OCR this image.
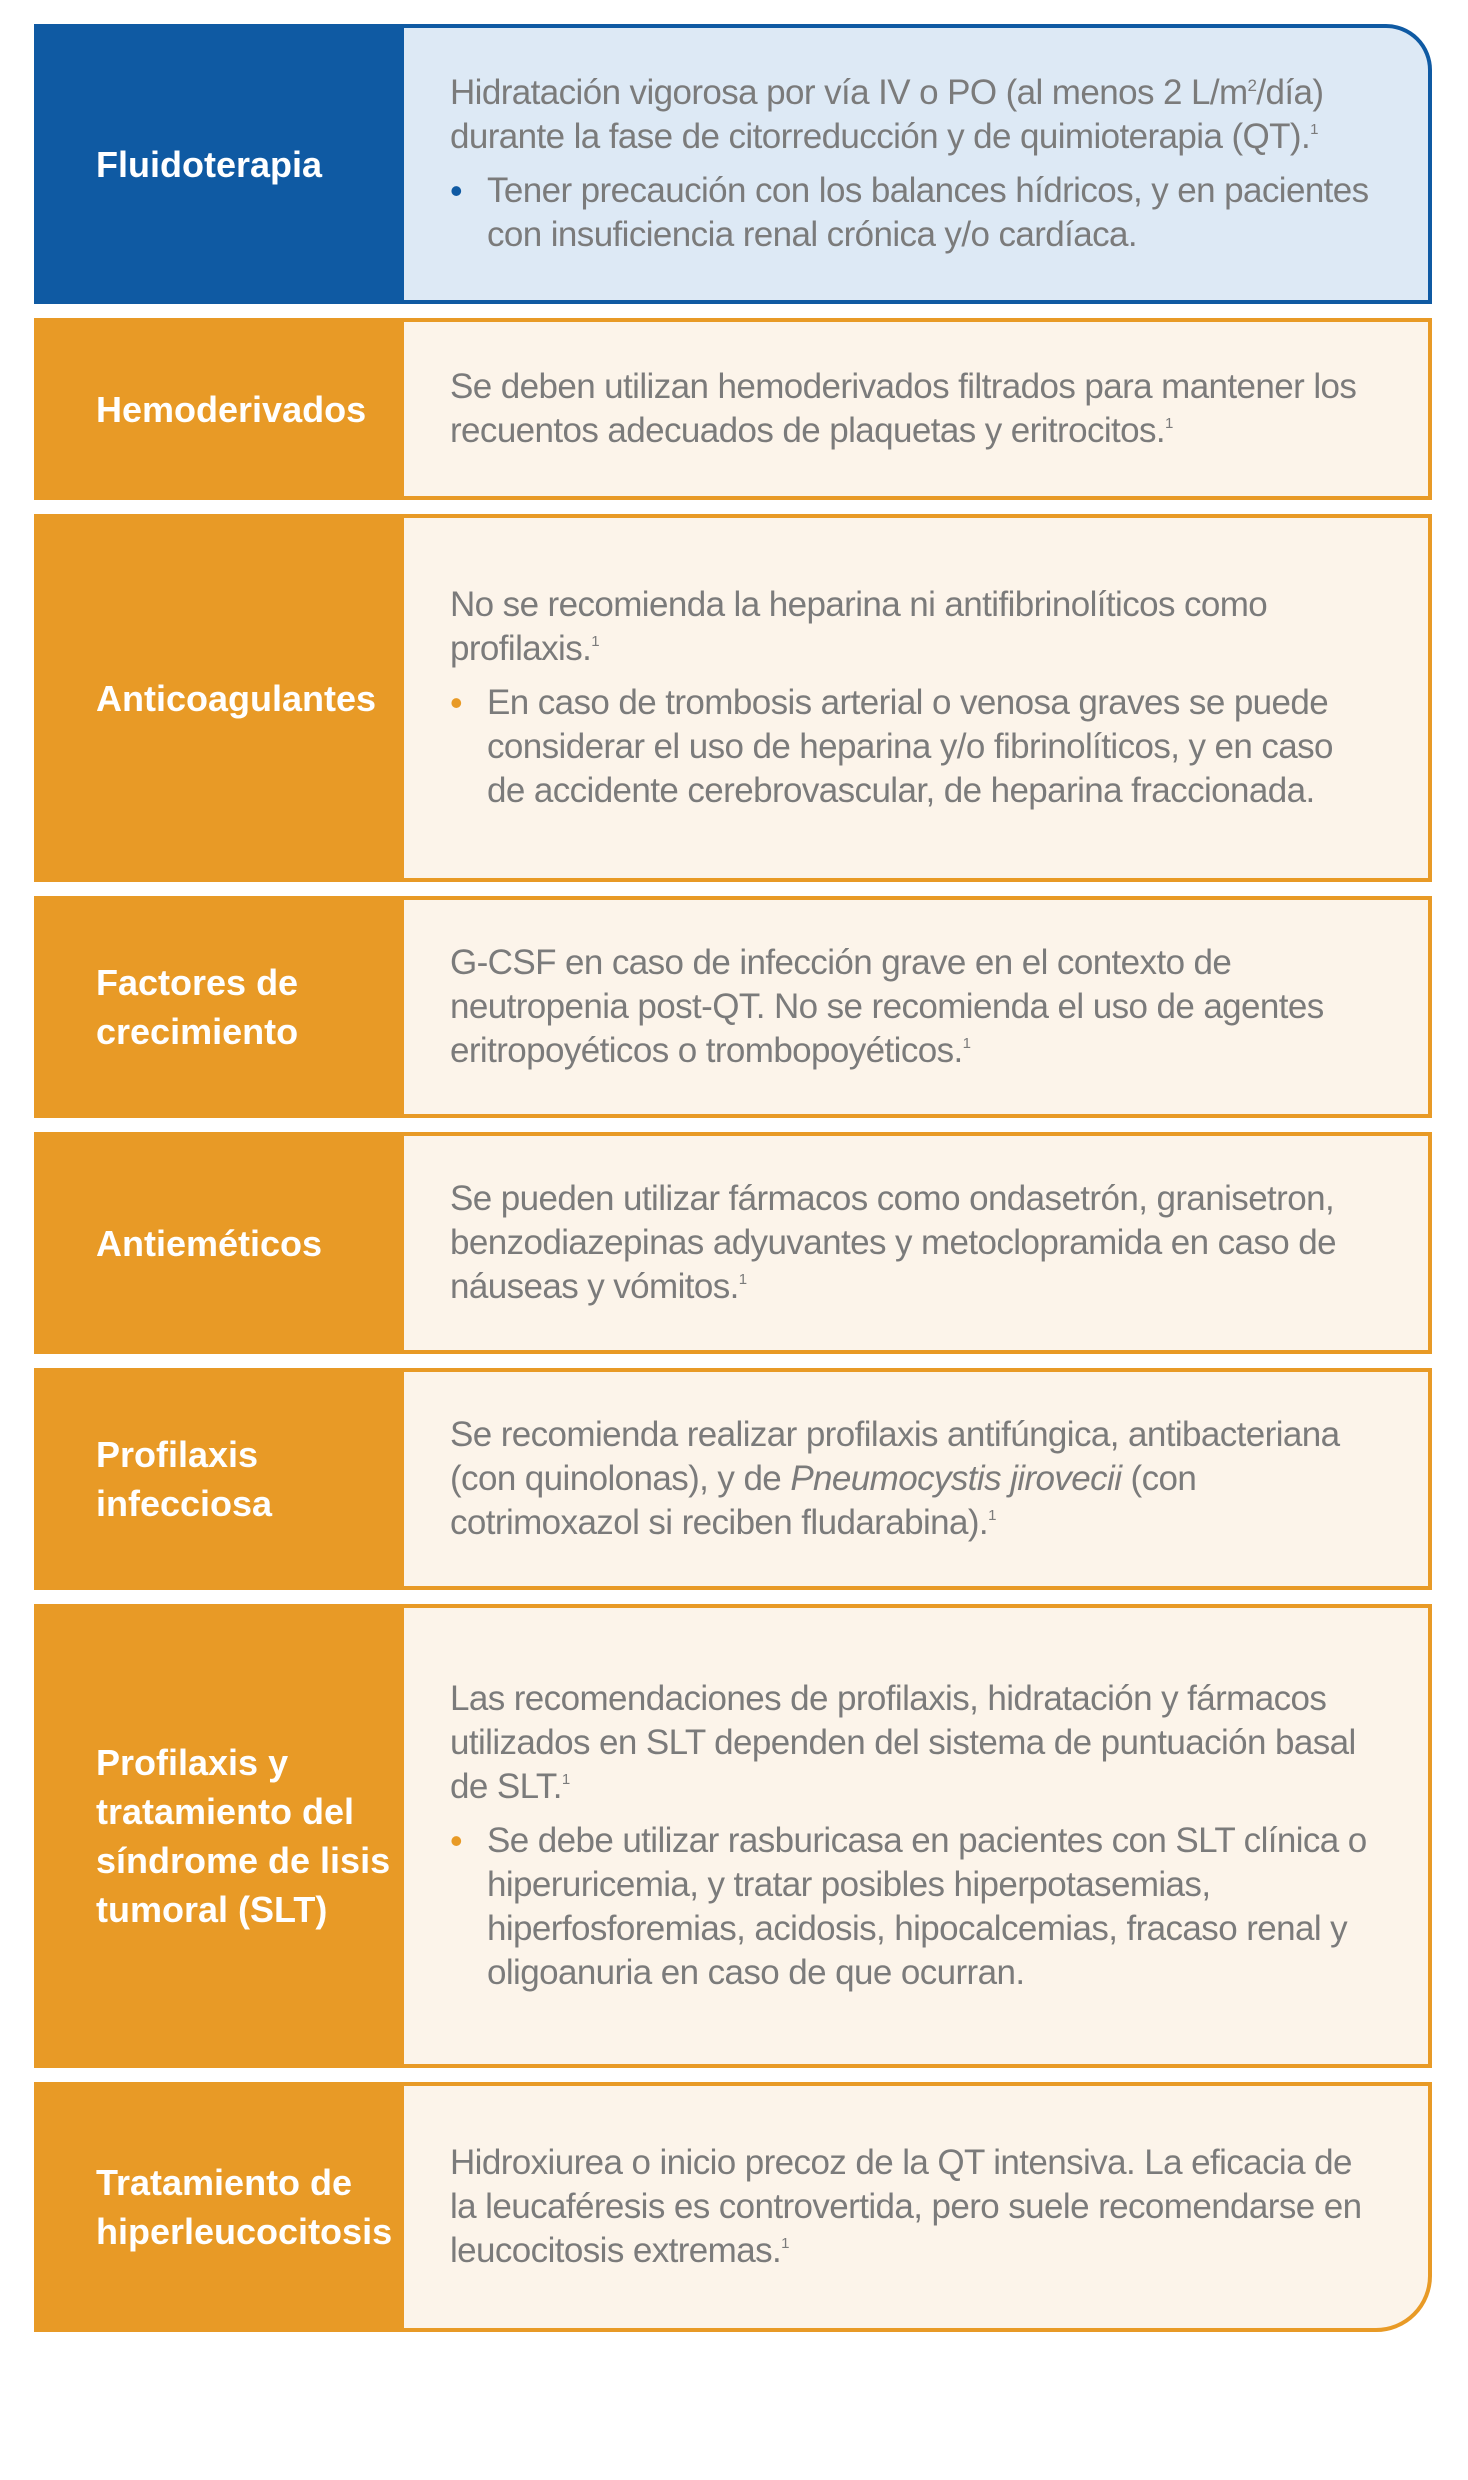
Fluidoterapia

Hidratación vigorosa por vía IV o PO (al menos 2 $L/m^2/día$) durante la fase de citorreducción y de quimioterapia (QT).$^1$

• Tener precaución con los balances hídricos, y en pacientes con insuficiencia renal crónica y/o cardíaca.
Hemoderivados

Se deben utilizan hemoderivados filtrados para mantener los recuentos adecuados de plaquetas y eritrocitos.$^1$

Anticoagulantes

No se recomienda la heparina ni antifibrinolíticos como profilaxis.$^1$

• En caso de trombosis arterial o venosa graves se puede considerar el uso de heparina y/o fibrinolíticos, y en caso de accidente cerebrovascular, de heparina fraccionada.
Factores de
crecimiento

G-CSF en caso de infección grave en el contexto de neutropenia post-QT. No se recomienda el uso de agentes eritropoyéticos o trombopoyéticos.$^1$

Antieméticos

Se pueden utilizar fármacos como ondasetrón, granisetron, benzodiazepinas adyuvantes y metoclopramida en caso de náuseas y vómitos.$^1$

Profilaxis
infecciosa

Se recomienda realizar profilaxis antifúngica, antibacteriana (con quinolonas), y de Pneumocystis jirovecii (con cotrimoxazol si reciben fludarabina).$^1$

Profilaxis y
tratamiento del
síndrome de lisis
tumoral (SLT)

Las recomendaciones de profilaxis, hidratación y fármacos utilizados en SLT dependen del sistema de puntuación basal de SLT.$^1$

• Se debe utilizar rasburicasa en pacientes con SLT clínica o hiperuricemia, y tratar posibles hiperpotasemias, hiperfosforemias, acidosis, hipocalcemias, fracaso renal y oligoanuria en caso de que ocurran.
Tratamiento de
hiperleucocitosis

Hidroxiurea o inicio precoz de la QT intensiva. La eficacia de la leucaféresis es controvertida, pero suele recomendarse en leucocitosis extremas.$^1$
